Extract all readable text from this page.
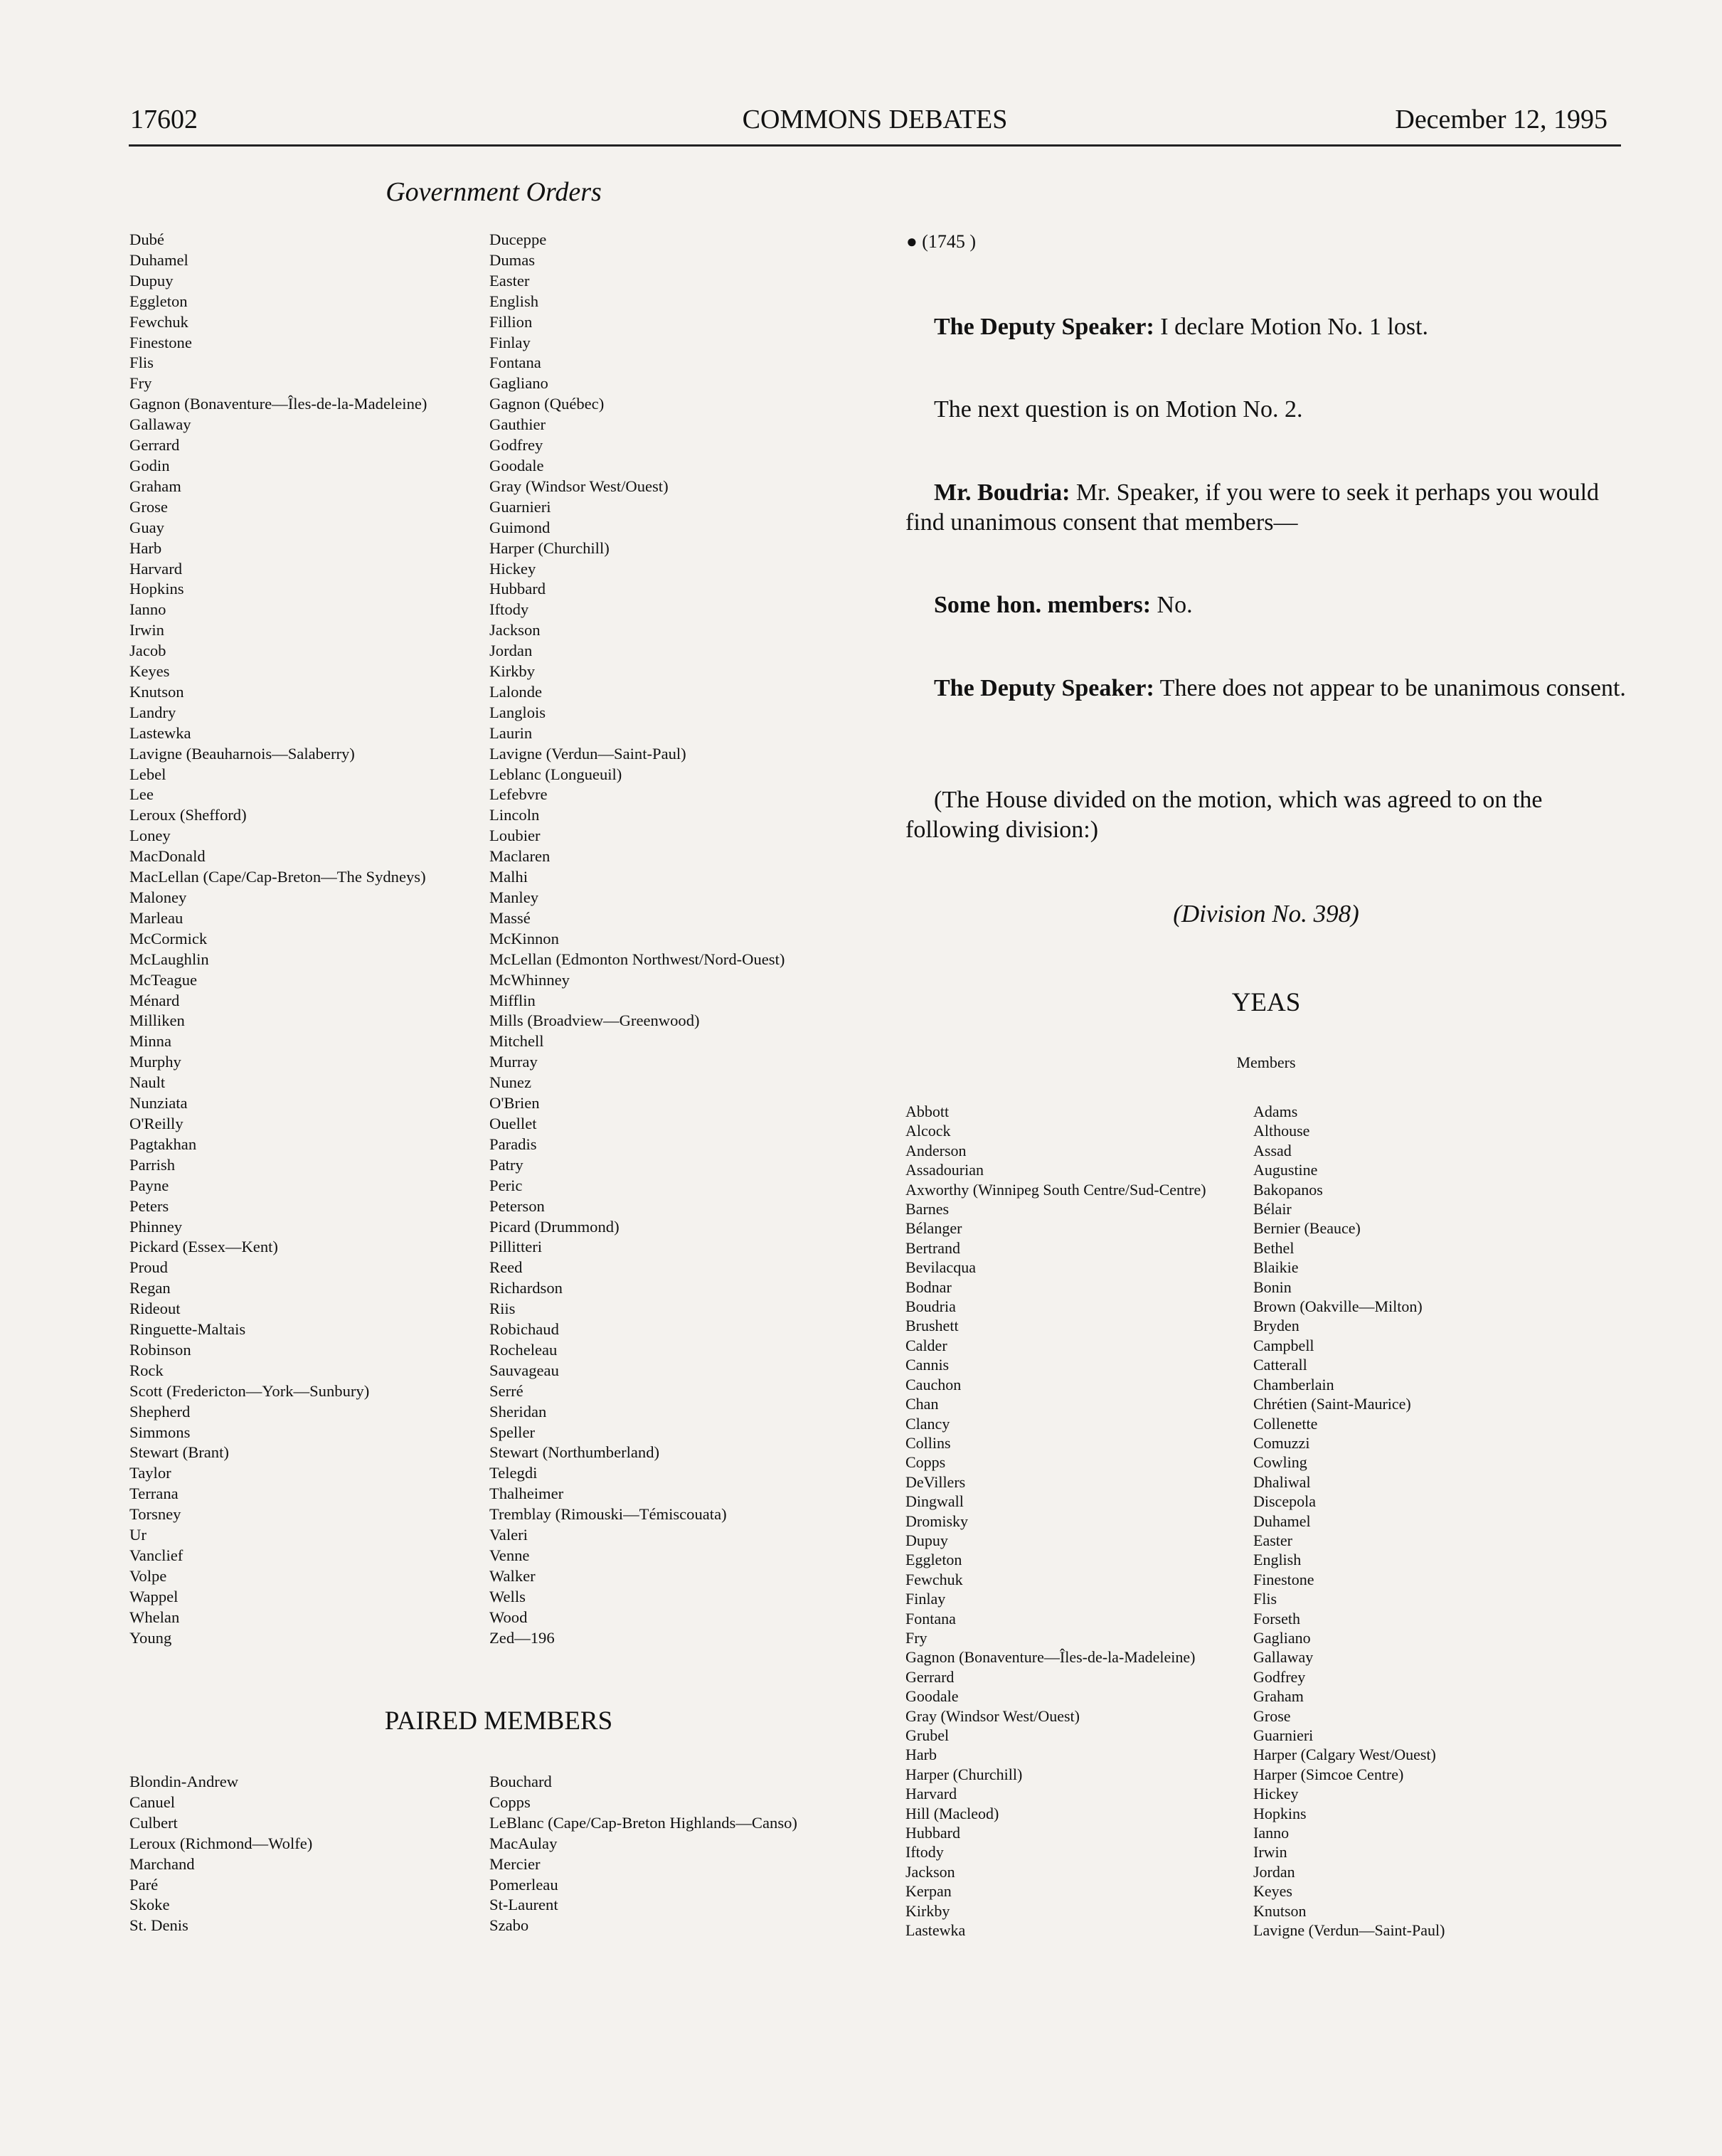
17602	COMMONS DEBATES	December 12, 1995
Government Orders
Dubé
Duhamel
Dupuy
Eggleton
Fewchuk
Finestone
Flis
Fry
Gagnon (Bonaventure—Îles-de-la-Madeleine)
Gallaway
Gerrard
Godin
Graham
Grose
Guay
Harb
Harvard
Hopkins
Ianno
Irwin
Jacob
Keyes
Knutson
Landry
Lastewka
Lavigne (Beauharnois—Salaberry)
Lebel
Lee
Leroux (Shefford)
Loney
MacDonald
MacLellan (Cape/Cap-Breton—The Sydneys)
Maloney
Marleau
McCormick
McLaughlin
McTeague
Ménard
Milliken
Minna
Murphy
Nault
Nunziata
O'Reilly
Pagtakhan
Parrish
Payne
Peters
Phinney
Pickard (Essex—Kent)
Proud
Regan
Rideout
Ringuette-Maltais
Robinson
Rock
Scott (Fredericton—York—Sunbury)
Shepherd
Simmons
Stewart (Brant)
Taylor
Terrana
Torsney
Ur
Vanclief
Volpe
Wappel
Whelan
Young
Duceppe
Dumas
Easter
English
Fillion
Finlay
Fontana
Gagliano
Gagnon (Québec)
Gauthier
Godfrey
Goodale
Gray (Windsor West/Ouest)
Guarnieri
Guimond
Harper (Churchill)
Hickey
Hubbard
Iftody
Jackson
Jordan
Kirkby
Lalonde
Langlois
Laurin
Lavigne (Verdun—Saint-Paul)
Leblanc (Longueuil)
Lefebvre
Lincoln
Loubier
Maclaren
Malhi
Manley
Massé
McKinnon
McLellan (Edmonton Northwest/Nord-Ouest)
McWhinney
Mifflin
Mills (Broadview—Greenwood)
Mitchell
Murray
Nunez
O'Brien
Ouellet
Paradis
Patry
Peric
Peterson
Picard (Drummond)
Pillitteri
Reed
Richardson
Riis
Robichaud
Rocheleau
Sauvageau
Serré
Sheridan
Speller
Stewart (Northumberland)
Telegdi
Thalheimer
Tremblay (Rimouski—Témiscouata)
Valeri
Venne
Walker
Wells
Wood
Zed—196
PAIRED MEMBERS
Blondin-Andrew
Canuel
Culbert
Leroux (Richmond—Wolfe)
Marchand
Paré
Skoke
St. Denis
Bouchard
Copps
LeBlanc (Cape/Cap-Breton Highlands—Canso)
MacAulay
Mercier
Pomerleau
St-Laurent
Szabo
● (1745 )
The Deputy Speaker: I declare Motion No. 1 lost.
The next question is on Motion No. 2.
Mr. Boudria: Mr. Speaker, if you were to seek it perhaps you would find unanimous consent that members—
Some hon. members: No.
The Deputy Speaker: There does not appear to be unanimous consent.
(The House divided on the motion, which was agreed to on the following division:)
(Division No. 398)
YEAS
Members
Abbott
Alcock
Anderson
Assadourian
Axworthy (Winnipeg South Centre/Sud-Centre)
Barnes
Bélanger
Bertrand
Bevilacqua
Bodnar
Boudria
Brushett
Calder
Cannis
Cauchon
Chan
Clancy
Collins
Copps
DeVillers
Dingwall
Dromisky
Dupuy
Eggleton
Fewchuk
Finlay
Fontana
Fry
Gagnon (Bonaventure—Îles-de-la-Madeleine)
Gerrard
Goodale
Gray (Windsor West/Ouest)
Grubel
Harb
Harper (Churchill)
Harvard
Hill (Macleod)
Hubbard
Iftody
Jackson
Kerpan
Kirkby
Lastewka
Adams
Althouse
Assad
Augustine
Bakopanos
Bélair
Bernier (Beauce)
Bethel
Blaikie
Bonin
Brown (Oakville—Milton)
Bryden
Campbell
Catterall
Chamberlain
Chrétien (Saint-Maurice)
Collenette
Comuzzi
Cowling
Dhaliwal
Discepola
Duhamel
Easter
English
Finestone
Flis
Forseth
Gagliano
Gallaway
Godfrey
Graham
Grose
Guarnieri
Harper (Calgary West/Ouest)
Harper (Simcoe Centre)
Hickey
Hopkins
Ianno
Irwin
Jordan
Keyes
Knutson
Lavigne (Verdun—Saint-Paul)
